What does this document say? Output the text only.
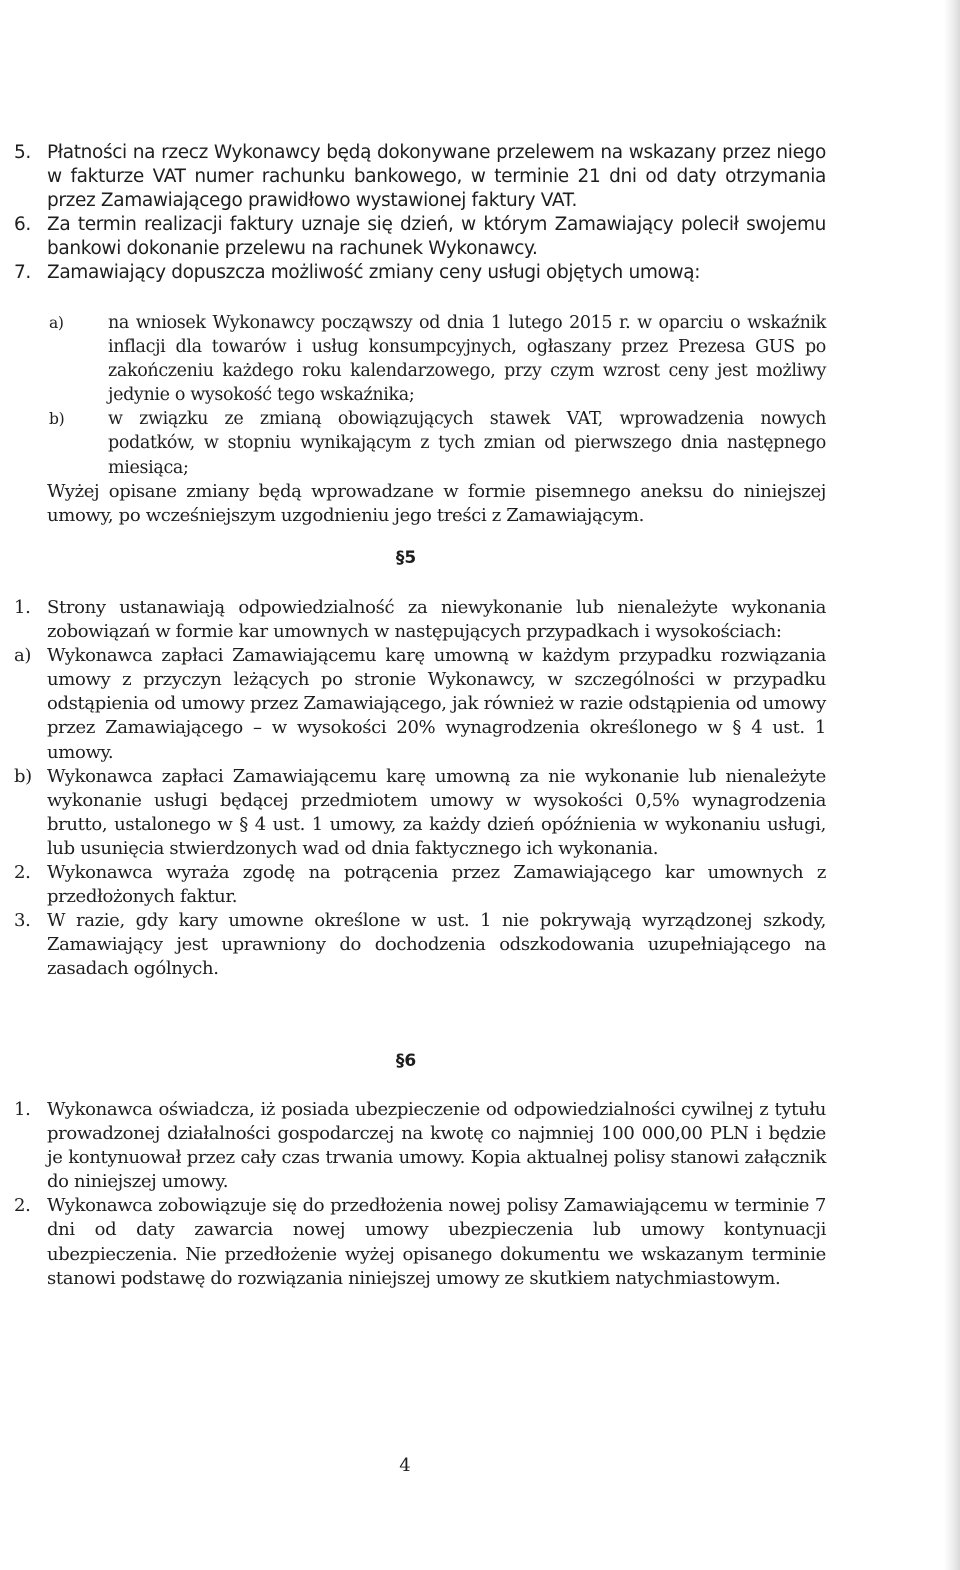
5. Płatności na rzecz Wykonawcy będą dokonywane przelewem na wskazany przez niego w fakturze VAT numer rachunku bankowego, w terminie 21 dni od daty otrzymania przez Zamawiającego prawidłowo wystawionej faktury VAT.
6. Za termin realizacji faktury uznaje się dzień, w którym Zamawiający polecił swojemu bankowi dokonanie przelewu na rachunek Wykonawcy.
7. Zamawiający dopuszcza możliwość zmiany ceny usługi objętych umową:
a)	na wniosek Wykonawcy począwszy od dnia 1 lutego 2015 r. w oparciu o wskaźnik inflacji dla towarów i usług konsumpcyjnych, ogłaszany przez Prezesa GUS po zakończeniu każdego roku kalendarzowego, przy czym wzrost ceny jest możliwy jedynie o wysokość tego wskaźnika;
b)	w związku ze zmianą obowiązujących stawek VAT, wprowadzenia nowych podatków, w stopniu wynikającym z tych zmian od pierwszego dnia następnego miesiąca;
Wyżej opisane zmiany będą wprowadzane w formie pisemnego aneksu do niniejszej umowy, po wcześniejszym uzgodnieniu jego treści z Zamawiającym.
§5
1. Strony ustanawiają odpowiedzialność za niewykonanie lub nienależyte wykonania zobowiązań w formie kar umownych w następujących przypadkach i wysokościach:
a) Wykonawca zapłaci Zamawiającemu karę umowną w każdym przypadku rozwiązania umowy z przyczyn leżących po stronie Wykonawcy, w szczególności w przypadku odstąpienia od umowy przez Zamawiającego, jak również w razie odstąpienia od umowy przez Zamawiającego – w wysokości 20% wynagrodzenia określonego w § 4 ust. 1 umowy.
b) Wykonawca zapłaci Zamawiającemu karę umowną za nie wykonanie lub nienależyte wykonanie usługi będącej przedmiotem umowy w wysokości 0,5% wynagrodzenia brutto, ustalonego w § 4 ust. 1 umowy, za każdy dzień opóźnienia w wykonaniu usługi, lub usunięcia stwierdzonych wad od dnia faktycznego ich wykonania.
2. Wykonawca wyraża zgodę na potrącenia przez Zamawiającego kar umownych z przedłożonych faktur.
3. W razie, gdy kary umowne określone w ust. 1 nie pokrywają wyrządzonej szkody, Zamawiający jest uprawniony do dochodzenia odszkodowania uzupełniającego na zasadach ogólnych.
§6
1. Wykonawca oświadcza, iż posiada ubezpieczenie od odpowiedzialności cywilnej z tytułu prowadzonej działalności gospodarczej na kwotę co najmniej 100 000,00 PLN i będzie je kontynuował przez cały czas trwania umowy. Kopia aktualnej polisy stanowi załącznik do niniejszej umowy.
2. Wykonawca zobowiązuje się do przedłożenia nowej polisy Zamawiającemu w terminie 7 dni od daty zawarcia nowej umowy ubezpieczenia lub umowy kontynuacji ubezpieczenia. Nie przedłożenie wyżej opisanego dokumentu we wskazanym terminie stanowi podstawę do rozwiązania niniejszej umowy ze skutkiem natychmiastowym.
4
